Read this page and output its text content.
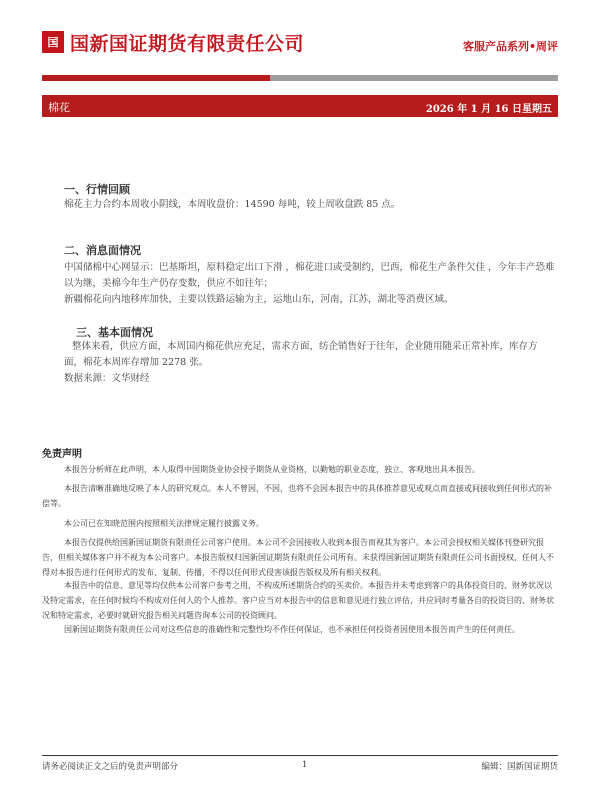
国 国新国证期货有限责任公司	客服产品系列•周评
棉花	2026 年 1 月 16 日星期五
一、行情回顾
棉花主力合约本周收小阴线，本周收盘价：14590 每吨，较上周收盘跌 85 点。
二、消息面情况
中国储棉中心网显示：巴基斯坦，原料稳定出口下滑 ，棉花进口或受制约，巴西，棉花生产条件欠佳 ，今年丰产恐难以为继，美棉今年生产仍存变数，供应不如往年；
新疆棉花向内地移库加快，主要以铁路运输为主，运地山东，河南，江苏，湖北等消费区域。
三、基本面情况
整体来看，供应方面，本周国内棉花供应充足，需求方面，纺企销售好于往年，企业随用随采正常补库，库存方面，棉花本周库存增加 2278 张。
数据来源：文华财经
免责声明
本报告分析师在此声明，本人取得中国期货业协会授予期货从业资格，以勤勉的职业态度，独立、客观地出具本报告。
本报告清晰准确地反映了本人的研究观点。本人不曾因，不因，也将不会因本报告中的具体推荐意见或观点而直接或间接收到任何形式的补偿等。
本公司已在知晓范围内按照相关法律规定履行披露义务。
本报告仅提供给国新国证期货有限责任公司客户使用。本公司不会因接收人收到本报告而视其为客户。本公司会授权相关媒体刊登研究报告，但相关媒体客户并不视为本公司客户。本报告版权归国新国证期货有限责任公司所有。未获得国新国证期货有限责任公司书面授权，任何人不得对本报告进行任何形式的发布、复制、传播，不得以任何形式侵害该报告版权及所有相关权利。
本报告中的信息、意见等均仅供本公司客户参考之用，不构成所述期货合约的买卖价。本报告并未考虑到客户的具体投资目的、财务状况以及特定需求，在任何时候均不构成对任何人的个人推荐。客户应当对本报告中的信息和意见进行独立评估，并应同时考量各自的投资目的、财务状况和特定需求，必要时就研究报告相关问题咨询本公司的投资顾问。
国新国证期货有限责任公司对这些信息的准确性和完整性均不作任何保证，也不承担任何投资者因使用本报告而产生的任何责任。
请务必阅读正文之后的免责声明部分	1	编辑：国新国证期货
